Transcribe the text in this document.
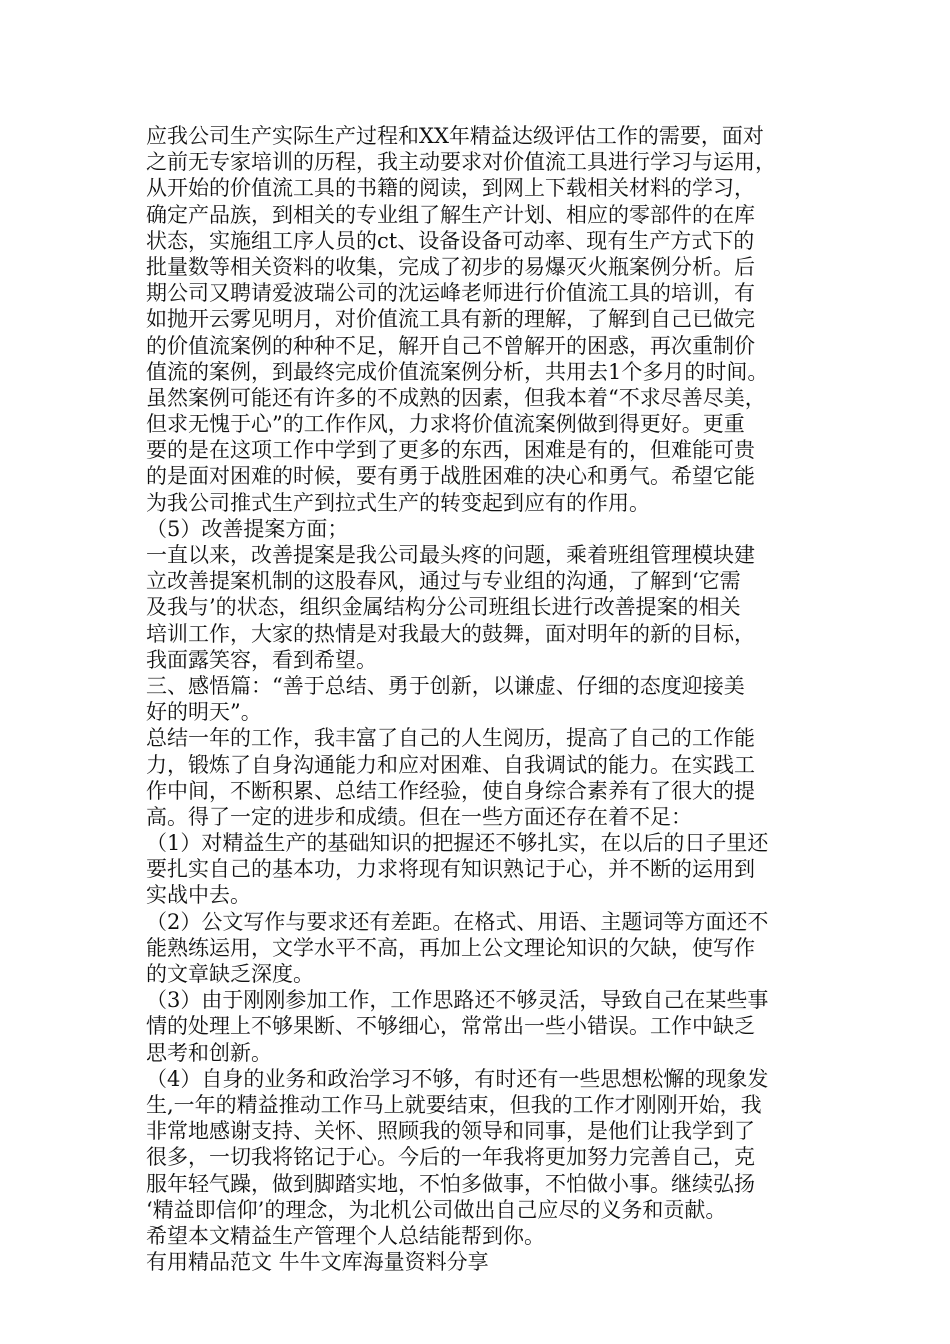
应我公司生产实际生产过程和XX年精益达级评估工作的需要，面对
之前无专家培训的历程，我主动要求对价值流工具进行学习与运用，
从开始的价值流工具的书籍的阅读，到网上下载相关材料的学习，
确定产品族，到相关的专业组了解生产计划、相应的零部件的在库
状态，实施组工序人员的ct、设备设备可动率、现有生产方式下的
批量数等相关资料的收集，完成了初步的易爆灭火瓶案例分析。后
期公司又聘请爱波瑞公司的沈运峰老师进行价值流工具的培训，有
如抛开云雾见明月，对价值流工具有新的理解，了解到自己已做完
的价值流案例的种种不足，解开自己不曾解开的困惑，再次重制价
值流的案例，到最终完成价值流案例分析，共用去1个多月的时间。
虽然案例可能还有许多的不成熟的因素，但我本着“不求尽善尽美，
但求无愧于心”的工作作风，力求将价值流案例做到得更好。更重
要的是在这项工作中学到了更多的东西，困难是有的，但难能可贵
的是面对困难的时候，要有勇于战胜困难的决心和勇气。希望它能
为我公司推式生产到拉式生产的转变起到应有的作用。
（5）改善提案方面；
一直以来，改善提案是我公司最头疼的问题，乘着班组管理模块建
立改善提案机制的这股春风，通过与专业组的沟通，了解到‘它需
及我与’的状态，组织金属结构分公司班组长进行改善提案的相关
培训工作，大家的热情是对我最大的鼓舞，面对明年的新的目标，
我面露笑容，看到希望。
三、感悟篇：“善于总结、勇于创新，以谦虚、仔细的态度迎接美
好的明天”。
总结一年的工作，我丰富了自己的人生阅历，提高了自己的工作能
力，锻炼了自身沟通能力和应对困难、自我调试的能力。在实践工
作中间，不断积累、总结工作经验，使自身综合素养有了很大的提
高。得了一定的进步和成绩。但在一些方面还存在着不足：
（1）对精益生产的基础知识的把握还不够扎实，在以后的日子里还
要扎实自己的基本功，力求将现有知识熟记于心，并不断的运用到
实战中去。
（2）公文写作与要求还有差距。在格式、用语、主题词等方面还不
能熟练运用，文学水平不高，再加上公文理论知识的欠缺，使写作
的文章缺乏深度。
（3）由于刚刚参加工作，工作思路还不够灵活，导致自己在某些事
情的处理上不够果断、不够细心，常常出一些小错误。工作中缺乏
思考和创新。
（4）自身的业务和政治学习不够，有时还有一些思想松懈的现象发
生,一年的精益推动工作马上就要结束，但我的工作才刚刚开始，我
非常地感谢支持、关怀、照顾我的领导和同事，是他们让我学到了
很多，一切我将铭记于心。今后的一年我将更加努力完善自己，克
服年轻气躁，做到脚踏实地，不怕多做事，不怕做小事。继续弘扬
‘精益即信仰’的理念，为北机公司做出自己应尽的义务和贡献。
希望本文精益生产管理个人总结能帮到你。
有用精品范文 牛牛文库海量资料分享
